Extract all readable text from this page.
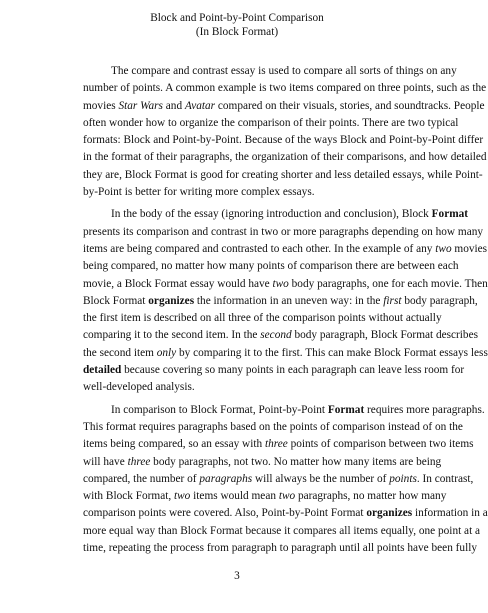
Block and Point-by-Point Comparison
(In Block Format)

The compare and contrast essay is used to compare all sorts of things on any
number of points. A common example is two items compared on three points, such as the
movies Star Wars and Avatar compared on their visuals, stories, and soundtracks. People
often wonder how to organize the comparison of their points. There are two typical
formats: Block and Point-by-Point. Because of the ways Block and Point-by-Point differ
in the format of their paragraphs, the organization of their comparisons, and how detailed
they are, Block Format is good for creating shorter and less detailed essays, while Point-
by-Point is better for writing more complex essays.

In the body of the essay (ignoring introduction and conclusion), Block Format
presents its comparison and contrast in two or more paragraphs depending on how many
items are being compared and contrasted to each other. In the example of any two movies
being compared, no matter how many points of comparison there are between each
movie, a Block Format essay would have two body paragraphs, one for each movie. Then
Block Format organizes the information in an uneven way: in the first body paragraph,
the first item is described on all three of the comparison points without actually
comparing it to the second item. In the second body paragraph, Block Format describes
the second item only by comparing it to the first. This can make Block Format essays less
detailed because covering so many points in each paragraph can leave less room for
well-developed analysis.

In comparison to Block Format, Point-by-Point Format requires more paragraphs.
This format requires paragraphs based on the points of comparison instead of on the
items being compared, so an essay with three points of comparison between two items
will have three body paragraphs, not two. No matter how many items are being
compared, the number of paragraphs will always be the number of points. In contrast,
with Block Format, two items would mean two paragraphs, no matter how many
comparison points were covered. Also, Point-by-Point Format organizes information in a
more equal way than Block Format because it compares all items equally, one point at a
time, repeating the process from paragraph to paragraph until all points have been fully

3
